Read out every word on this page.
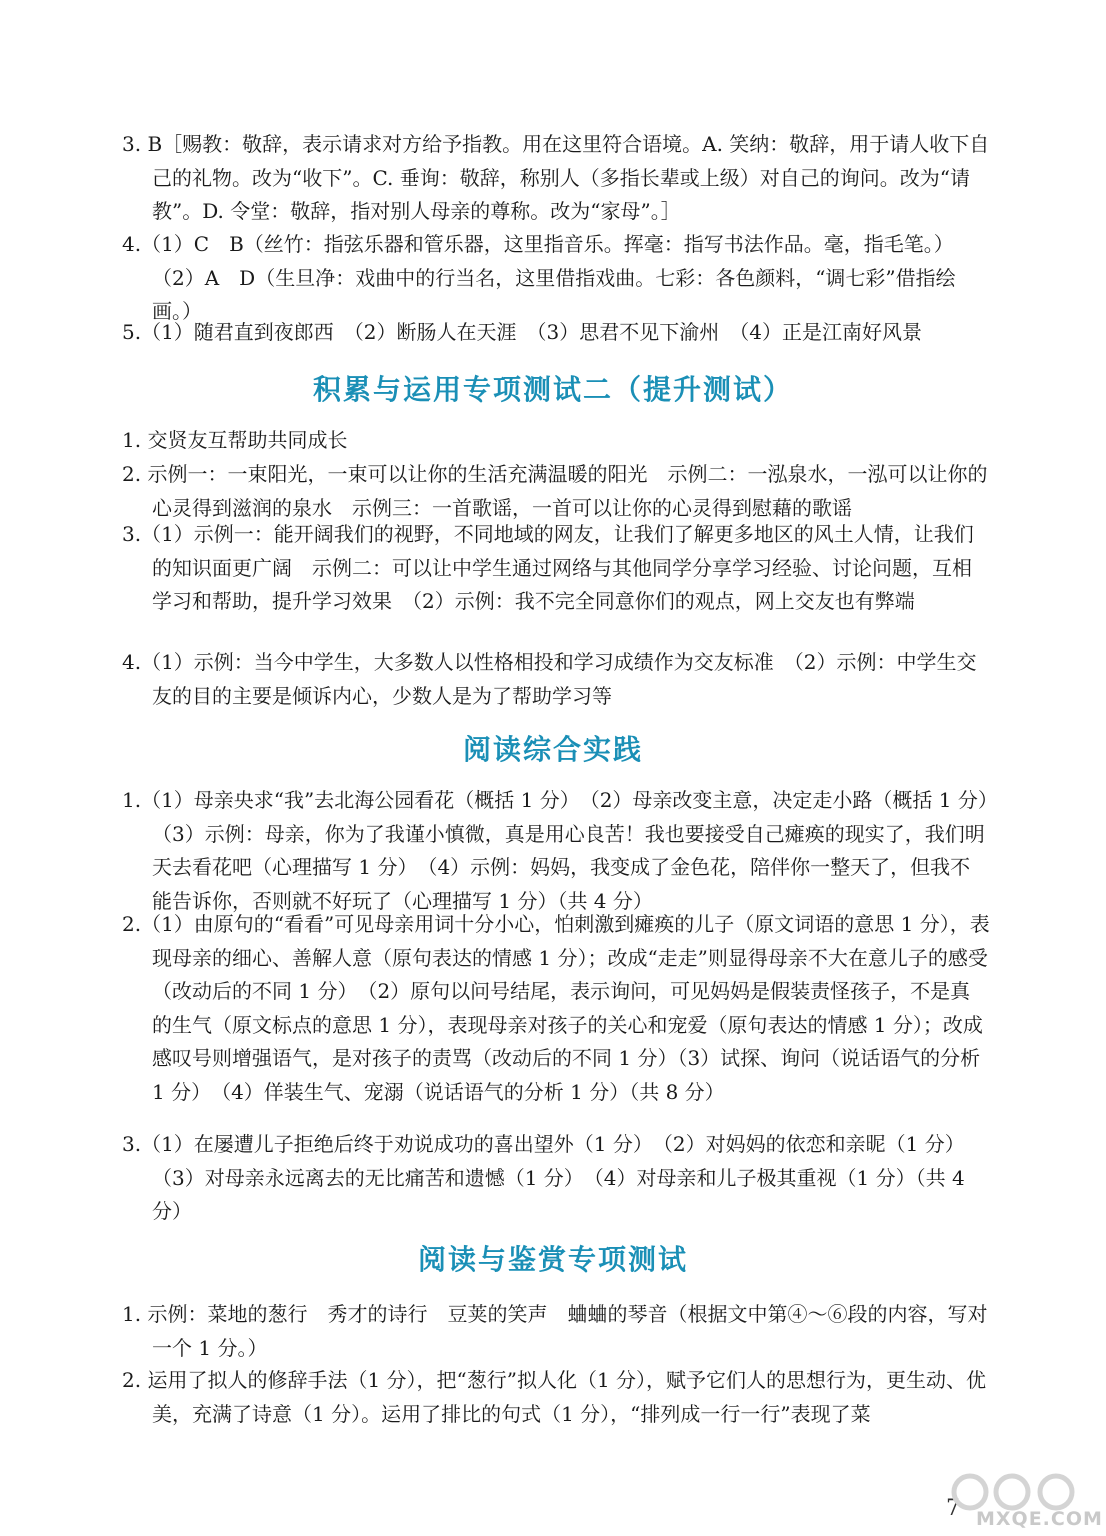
3. B［赐教：敬辞，表示请求对方给予指教。用在这里符合语境。A. 笑纳：敬辞，用于请人收下自己的礼物。改为“收下”。C. 垂询：敬辞，称别人（多指长辈或上级）对自己的询问。改为“请教”。D. 令堂：敬辞，指对别人母亲的尊称。改为“家母”。］
4.（1）C　B（丝竹：指弦乐器和管乐器，这里指音乐。挥毫：指写书法作品。毫，指毛笔。）　（2）A　D（生旦净：戏曲中的行当名，这里借指戏曲。七彩：各色颜料，“调七彩”借指绘画。）
5.（1）随君直到夜郎西　（2）断肠人在天涯　（3）思君不见下渝州　（4）正是江南好风景
积累与运用专项测试二（提升测试）
1. 交贤友互帮助共同成长
2. 示例一：一束阳光，一束可以让你的生活充满温暖的阳光　示例二：一泓泉水，一泓可以让你的心灵得到滋润的泉水　示例三：一首歌谣，一首可以让你的心灵得到慰藉的歌谣
3.（1）示例一：能开阔我们的视野，不同地域的网友，让我们了解更多地区的风土人情，让我们的知识面更广阔　示例二：可以让中学生通过网络与其他同学分享学习经验、讨论问题，互相学习和帮助，提升学习效果　（2）示例：我不完全同意你们的观点，网上交友也有弊端
4.（1）示例：当今中学生，大多数人以性格相投和学习成绩作为交友标准　（2）示例：中学生交友的目的主要是倾诉内心，少数人是为了帮助学习等
阅读综合实践
1.（1）母亲央求“我”去北海公园看花（概括 1 分）　（2）母亲改变主意，决定走小路（概括 1 分）　（3）示例：母亲，你为了我谨小慎微，真是用心良苦！我也要接受自己瘫痪的现实了，我们明天去看花吧（心理描写 1 分）　（4）示例：妈妈，我变成了金色花，陪伴你一整天了，但我不能告诉你，否则就不好玩了（心理描写 1 分）（共 4 分）
2.（1）由原句的“看看”可见母亲用词十分小心，怕刺激到瘫痪的儿子（原文词语的意思 1 分），表现母亲的细心、善解人意（原句表达的情感 1 分）；改成“走走”则显得母亲不大在意儿子的感受（改动后的不同 1 分）　（2）原句以问号结尾，表示询问，可见妈妈是假装责怪孩子，不是真的生气（原文标点的意思 1 分），表现母亲对孩子的关心和宠爱（原句表达的情感 1 分）；改成感叹号则增强语气，是对孩子的责骂（改动后的不同 1 分）（3）试探、询问（说话语气的分析 1 分）　（4）佯装生气、宠溺（说话语气的分析 1 分）（共 8 分）
3.（1）在屡遭儿子拒绝后终于劝说成功的喜出望外（1 分）　（2）对妈妈的依恋和亲昵（1 分）　（3）对母亲永远离去的无比痛苦和遗憾（1 分）　（4）对母亲和儿子极其重视（1 分）（共 4 分）
阅读与鉴赏专项测试
1. 示例：菜地的葱行　秀才的诗行　豆荚的笑声　蛐蛐的琴音（根据文中第④～⑥段的内容，写对一个 1 分。）
2. 运用了拟人的修辞手法（1 分），把“葱行”拟人化（1 分），赋予它们人的思想行为，更生动、优美，充满了诗意（1 分）。运用了排比的句式（1 分），“排列成一行一行”表现了菜
7 MXQE.COM
